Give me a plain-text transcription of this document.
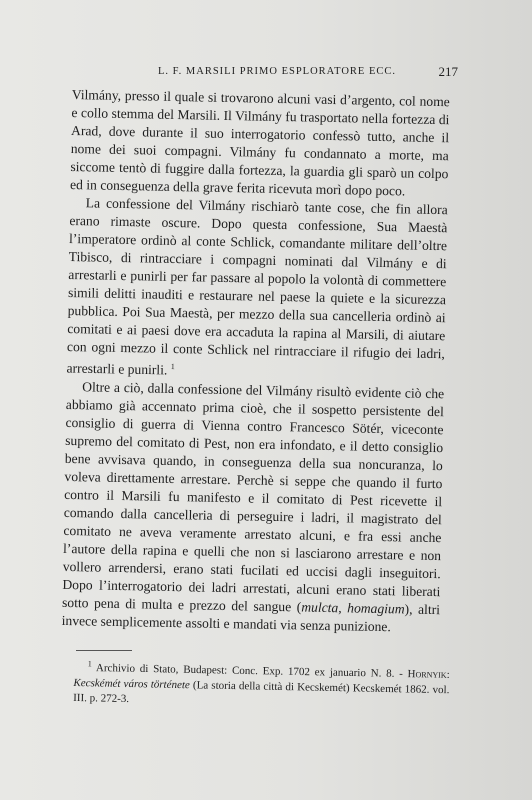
L. F. MARSILI PRIMO ESPLORATORE ECC.	217

Vilmány, presso il quale si trovarono alcuni vasi d’argento, col nome e collo stemma del Marsili. Il Vilmány fu trasportato nella fortezza di Arad, dove durante il suo interrogatorio confessò tutto, anche il nome dei suoi compagni. Vilmány fu condannato a morte, ma siccome tentò di fuggire dalla fortezza, la guardia gli sparò un colpo ed in conseguenza della grave ferita ricevuta morì dopo poco.

La confessione del Vilmány rischiarò tante cose, che fin allora erano rimaste oscure. Dopo questa confessione, Sua Maestà l’imperatore ordinò al conte Schlick, comandante militare dell’oltre Tibisco, di rintracciare i compagni nominati dal Vilmány e di arrestarli e punirli per far passare al popolo la volontà di commettere simili delitti inauditi e restaurare nel paese la quiete e la sicurezza pubblica. Poi Sua Maestà, per mezzo della sua cancelleria ordinò ai comitati e ai paesi dove era accaduta la rapina al Marsili, di aiutare con ogni mezzo il conte Schlick nel rintracciare il rifugio dei ladri, arrestarli e punirli. $^1$

Oltre a ciò, dalla confessione del Vilmány risultò evidente ciò che abbiamo già accennato prima cioè, che il sospetto persistente del consiglio di guerra di Vienna contro Francesco Sötér, viceconte supremo del comitato di Pest, non era infondato, e il detto consiglio bene avvisava quando, in conseguenza della sua noncuranza, lo voleva direttamente arrestare. Perchè si seppe che quando il furto contro il Marsili fu manifesto e il comitato di Pest ricevette il comando dalla cancelleria di perseguire i ladri, il magistrato del comitato ne aveva veramente arrestato alcuni, e fra essi anche l’autore della rapina e quelli che non si lasciarono arrestare e non vollero arrendersi, erano stati fucilati ed uccisi dagli inseguitori. Dopo l’interrogatorio dei ladri arrestati, alcuni erano stati liberati sotto pena di multa e prezzo del sangue (mulcta, homagium), altri invece semplicemente assolti e mandati via senza punizione.

$^1$ Archivio di Stato, Budapest: Conc. Exp. 1702 ex januario N. 8. - Hornyik: Kecskémét város története (La storia della città di Kecskemét) Kecskemét 1862. vol. III. p. 272-3.
